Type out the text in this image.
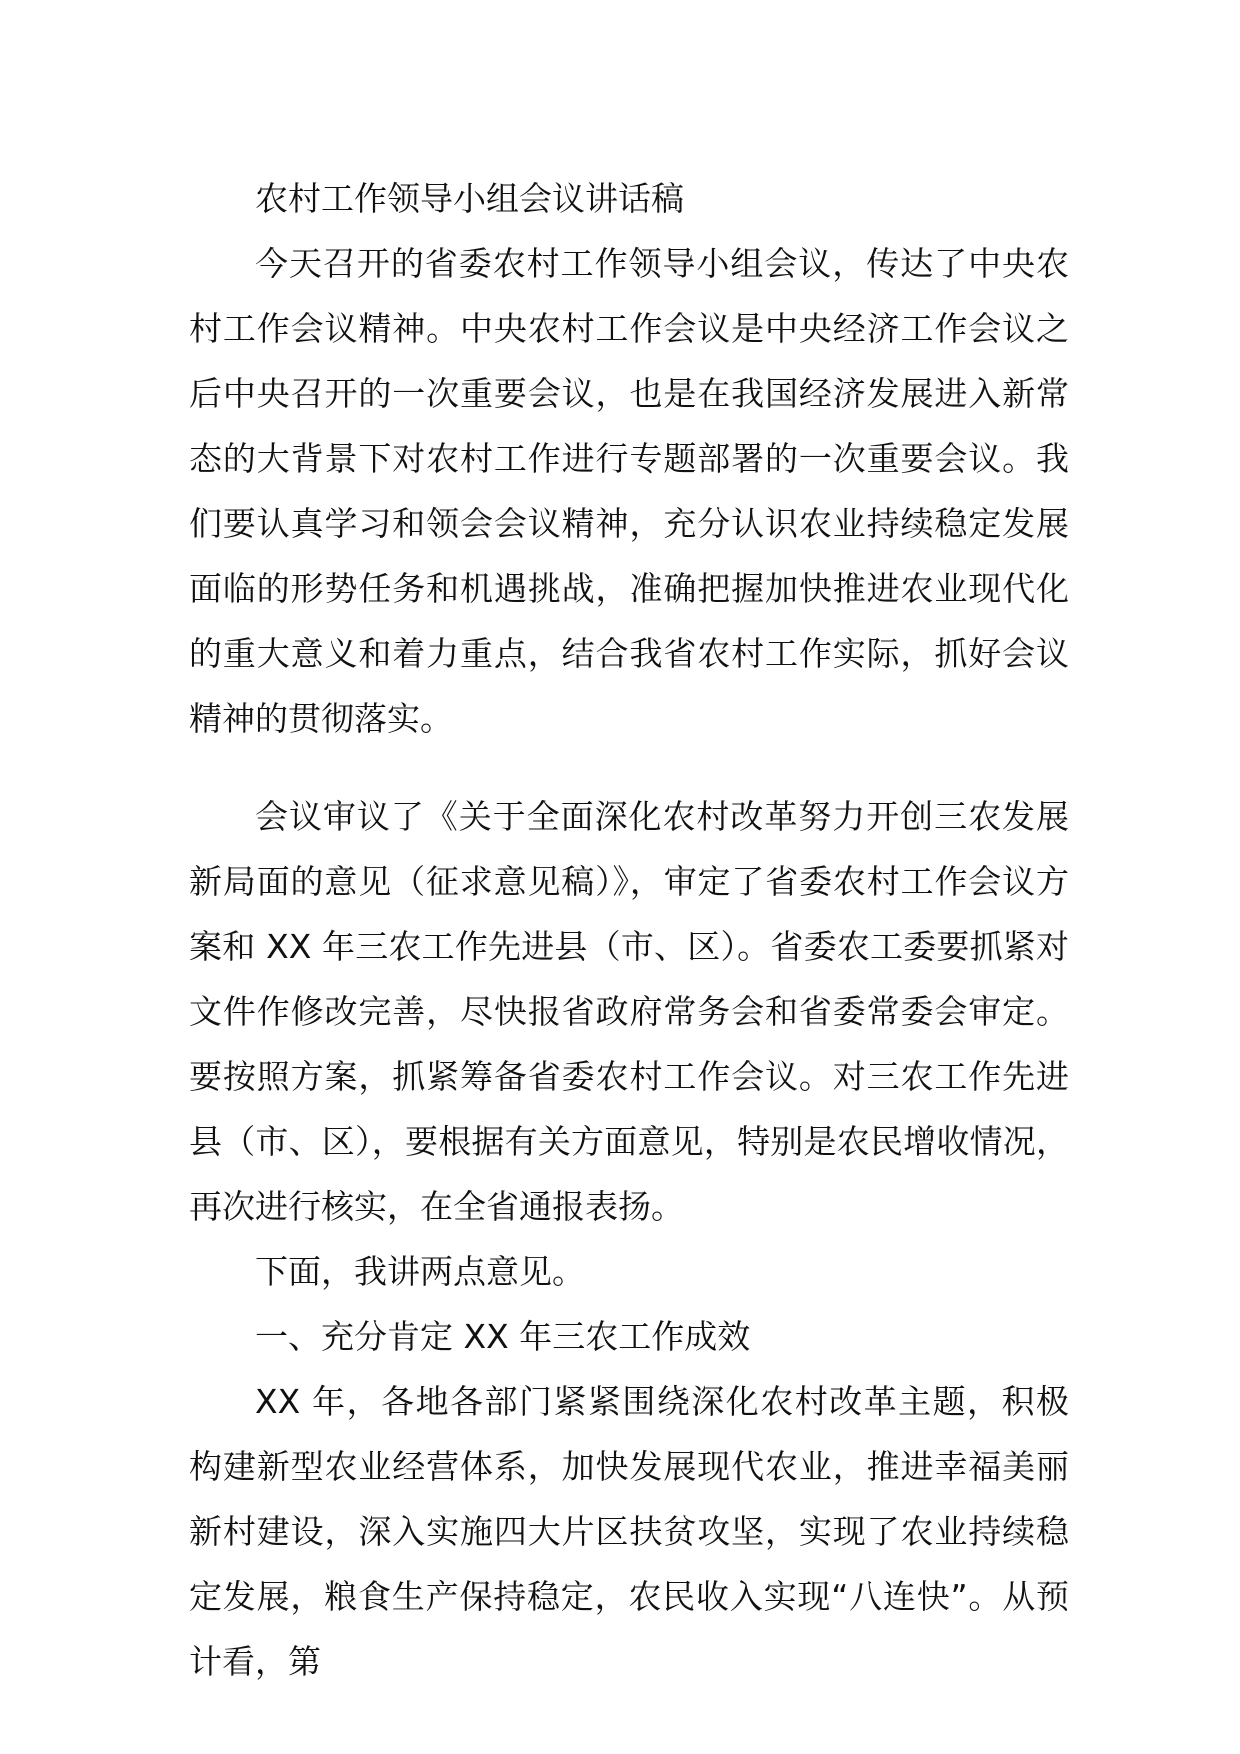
农村工作领导小组会议讲话稿

今天召开的省委农村工作领导小组会议，传达了中央农村工作会议精神。中央农村工作会议是中央经济工作会议之后中央召开的一次重要会议，也是在我国经济发展进入新常态的大背景下对农村工作进行专题部署的一次重要会议。我们要认真学习和领会会议精神，充分认识农业持续稳定发展面临的形势任务和机遇挑战，准确把握加快推进农业现代化的重大意义和着力重点，结合我省农村工作实际，抓好会议精神的贯彻落实。

会议审议了《关于全面深化农村改革努力开创三农发展新局面的意见（征求意见稿）》，审定了省委农村工作会议方案和 XX 年三农工作先进县（市、区）。省委农工委要抓紧对文件作修改完善，尽快报省政府常务会和省委常委会审定。要按照方案，抓紧筹备省委农村工作会议。对三农工作先进县（市、区），要根据有关方面意见，特别是农民增收情况，再次进行核实，在全省通报表扬。

下面，我讲两点意见。

一、充分肯定 XX 年三农工作成效

XX 年，各地各部门紧紧围绕深化农村改革主题，积极构建新型农业经营体系，加快发展现代农业，推进幸福美丽新村建设，深入实施四大片区扶贫攻坚，实现了农业持续稳定发展，粮食生产保持稳定，农民收入实现“八连快”。从预计看，第
